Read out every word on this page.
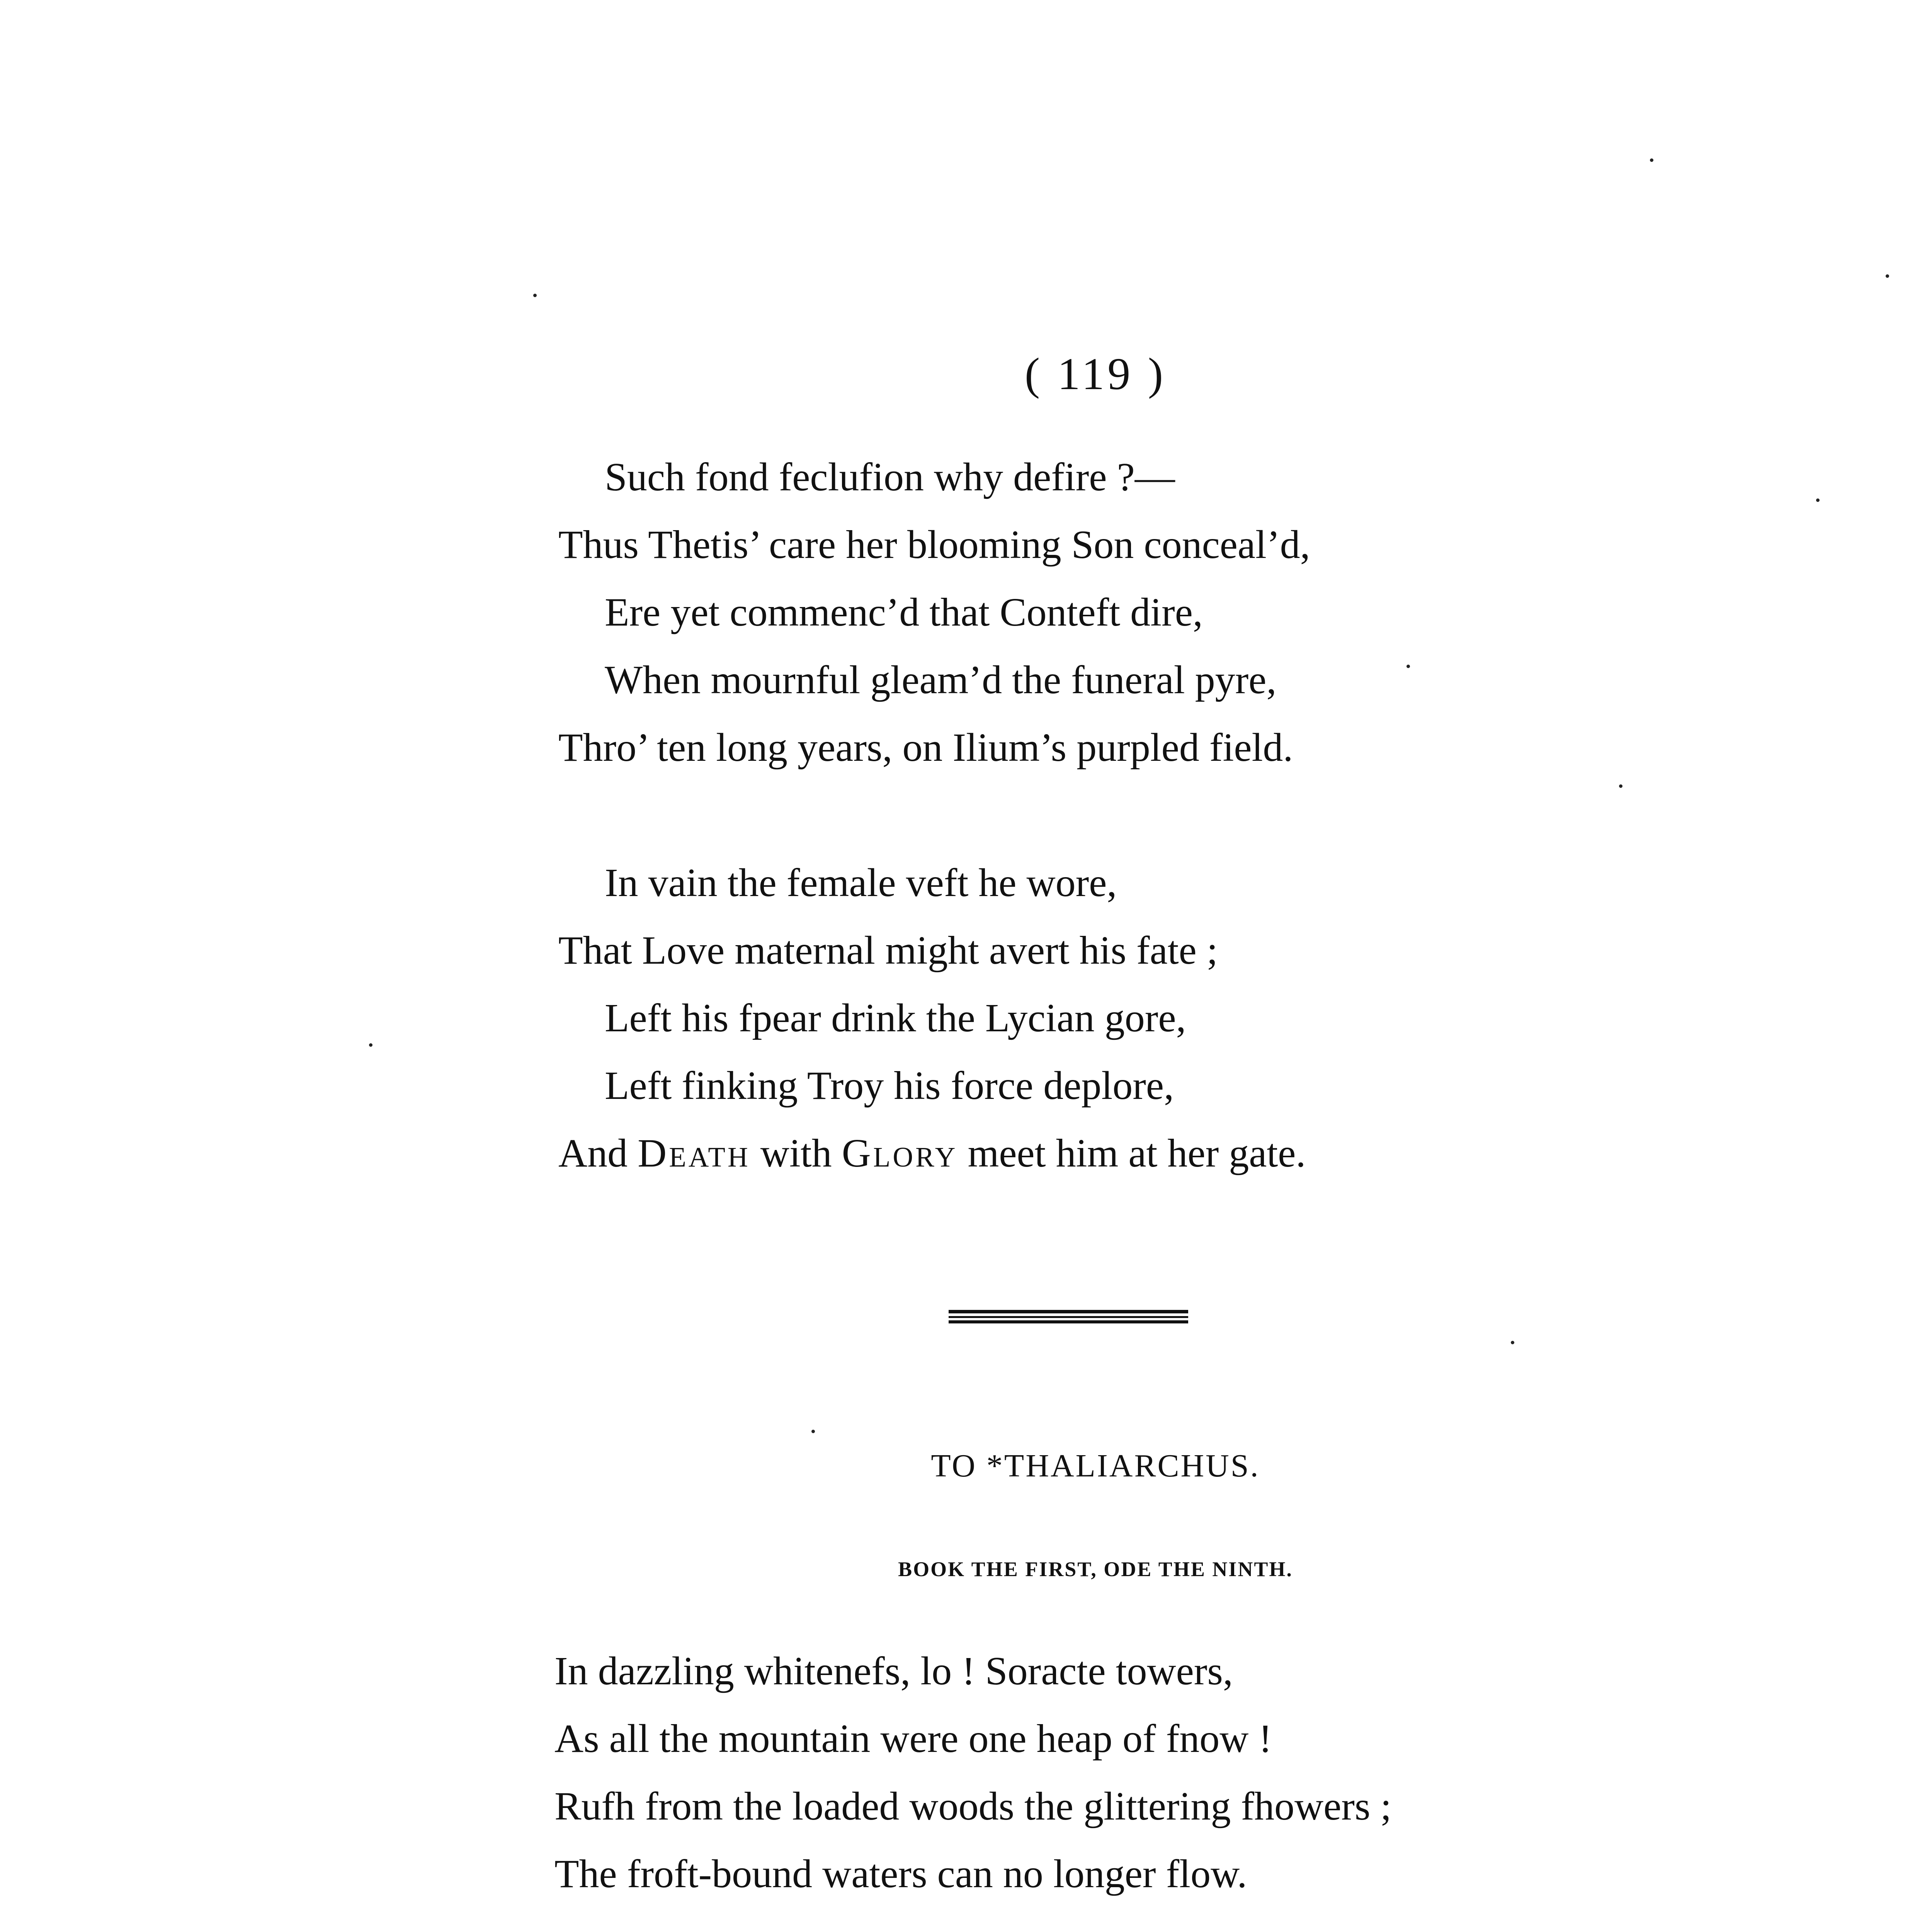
( 119 )
Such fond feclufion why defire ?—
Thus Thetis’ care her blooming Son conceal’d,
Ere yet commenc’d that Conteft dire,
When mournful gleam’d the funeral pyre,
Thro’ ten long years, on Ilium’s purpled field.
In vain the female veft he wore,
That Love maternal might avert his fate ;
Left his fpear drink the Lycian gore,
Left finking Troy his force deplore,
And Death with Glory meet him at her gate.
TO *THALIARCHUS.
BOOK THE FIRST, ODE THE NINTH.
In dazzling whitenefs, lo ! Soracte towers,
As all the mountain were one heap of fnow !
Rufh from the loaded woods the glittering fhowers ;
The froft-bound waters can no longer flow.
